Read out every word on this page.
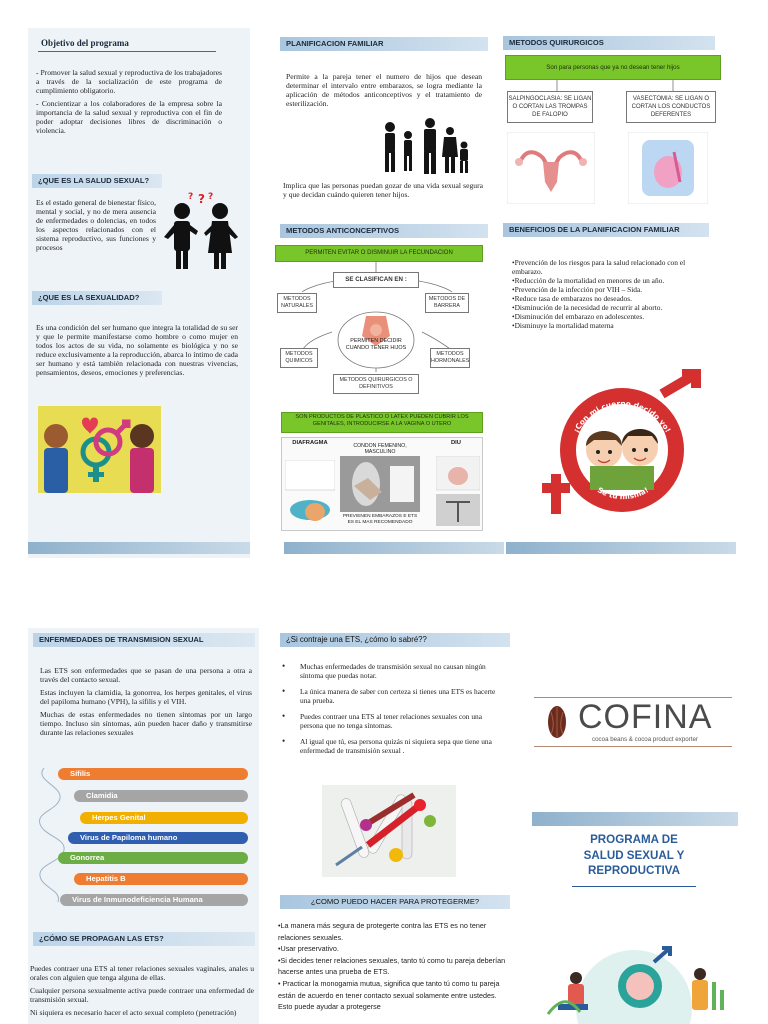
Objetivo del programa

- Promover la salud sexual y reproductiva de los trabajadores a través de la socialización de este programa de cumplimiento obligatorio.

- Concientizar a los colaboradores de la empresa sobre la importancia de la salud sexual y reproductiva con el fin de poder adoptar decisiones libres de discriminación o violencia.

¿QUE ES LA SALUD SEXUAL?
Es el estado general de bienestar físico, mental y social, y no de mera ausencia de enfermedades o dolencias, en todos los aspectos relacionados con el sistema reproductivo, sus funciones y procesos
?
? ?
¿QUE ES LA SEXUALIDAD?
Es una condición del ser humano que integra la totalidad de su ser y que le permite manifestarse como hombre o como mujer en todos los actos de su vida, no solamente es biológica y no se reduce exclusivamente a la reproducción, abarca lo íntimo de cada ser humano y está también relacionada con nuestras vivencias, pensamientos, deseos, emociones y preferencias.
PLANIFICACION FAMILIAR
Permite a la pareja tener el numero de hijos que desean determinar el intervalo entre embarazos, se logra mediante la aplicación de métodos anticonceptivos y el tratamiento de esterilización.
Implica que las personas puedan gozar de una vida sexual segura y que decidan cuándo quieren tener hijos.
METODOS ANTICONCEPTIVOS
PERMITEN EVITAR O DISMINUIR LA FECUNDACION
SE CLASIFICAN EN :
METODOS NATURALES
METODOS DE BARRERA
PERMITEN DECIDIR CUANDO TENER HIJOS
METODOS QUIMICOS
METODOS HORMONALES
METODOS QUIRURGICOS O DEFINITIVOS
SON PRODUCTOS DE PLASTICO O LATEX PUEDEN CUBRIR LOS GENITALES, INTRODUCIRSE A LA VAGINA O UTERO
DIAFRAGMA	CONDON FEMENINO, MASCULINO
DIU
PREVIENEN EMBARAZOS E ETS ES EL MAS RECOMENDADO
METODOS QUIRURGICOS
Son para personas que ya no desean tener hijos
SALPINGOCLASIA: SE LIGAN O CORTAN LAS TROMPAS DE FALOPIO
VASECTOMIA: SE LIGAN O CORTAN LOS CONDUCTOS DEFERENTES
BENEFICIOS DE LA PLANIFICACION FAMILIAR
•Prevención de los riesgos para la salud relacionado con el embarazo.
•Reducción de la mortalidad en menores de un año.
•Prevención de la infección por VIH – Sida.
•Reduce tasa de embarazos no deseados.
•Disminución de la necesidad de recurrir al aborto.
•Disminución del embarazo en adolescentes.
•Disminuye la mortalidad materna
¡Con mi cuerpo decido yo!
Se tu misma!
ENFERMEDADES DE TRANSMISION SEXUAL

Las ETS son enfermedades que se pasan de una persona a otra a través del contacto sexual.

Estas incluyen la clamidia, la gonorrea, los herpes genitales, el virus del papiloma humano (VPH), la sífilis y el VIH.

Muchas de estas enfermedades no tienen síntomas por un largo tiempo. Incluso sin síntomas, aún pueden hacer daño y transmitirse durante las relaciones sexuales

Sífilis
Clamidia
Herpes Genital
Virus de Papiloma humano
Gonorrea
Hepatitis B
Virus de Inmunodeficiencia Humana
¿CÓMO SE PROPAGAN LAS ETS?

Puedes contraer una ETS al tener relaciones sexuales vaginales, anales u orales con alguien que tenga alguna de ellas.

Cualquier persona sexualmente activa puede contraer una enfermedad de transmisión sexual.

Ni siquiera es necesario hacer el acto sexual completo (penetración)

¿Si contraje una ETS, ¿cómo lo sabré??
• Muchas enfermedades de transmisión sexual no causan ningún síntoma que puedas notar.
• La única manera de saber con certeza si tienes una ETS es hacerte una prueba.
• Puedes contraer una ETS al tener relaciones sexuales con una persona que no tenga síntomas.
• Al igual que tú, esa persona quizás ni siquiera sepa que tiene una enfermedad de transmisión sexual .
¿COMO PUEDO HACER PARA PROTEGERME?
•La manera más segura de protegerte contra las ETS es no tener relaciones sexuales.
•Usar preservativo.
•Si decides tener relaciones sexuales, tanto tú como tu pareja deberían hacerse antes una prueba de ETS.
• Practicar la monogamia mutua, significa que tanto tú como tu pareja están de acuerdo en tener contacto sexual solamente entre ustedes. Esto puede ayudar a protegerse
COFINA
cocoa beans & cocoa product exporter
PROGRAMA DE SALUD SEXUAL Y REPRODUCTIVA
